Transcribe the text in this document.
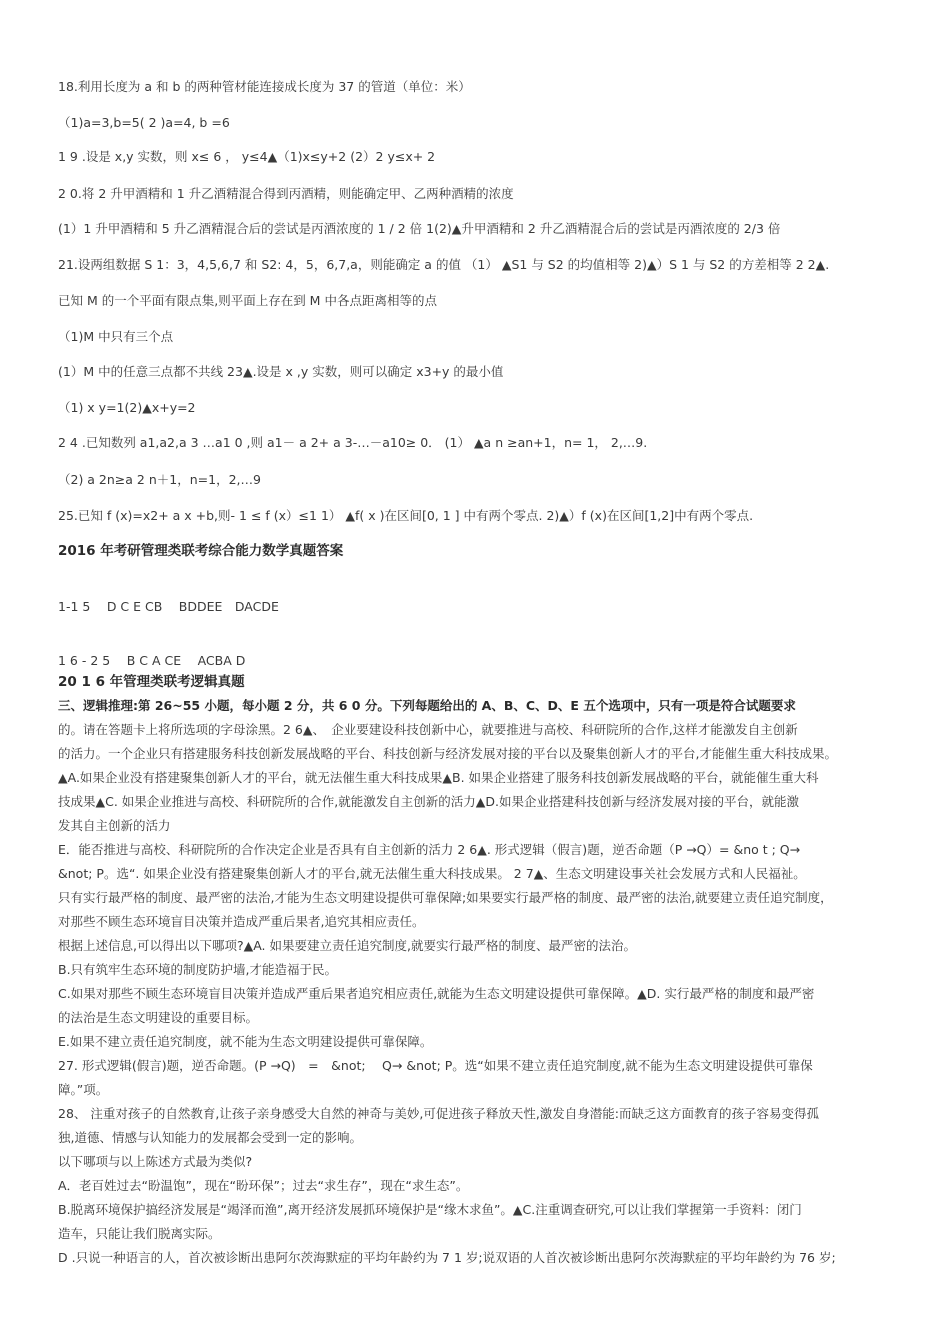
18.利用长度为 a 和 b 的两种管材能连接成长度为 37 的管道（单位：米）
（1)a=3,b=5( 2 )a=4, b =6
1 9 .设是 x,y 实数，则 x≤ 6 ， y≤4▲（1)x≤y+2 (2）2 y≤x+ 2
2 0.将 2 升甲酒精和 1 升乙酒精混合得到丙酒精，则能确定甲、乙两种酒精的浓度
(1）1 升甲酒精和 5 升乙酒精混合后的尝试是丙酒浓度的 1 / 2 倍 1(2)▲升甲酒精和 2 升乙酒精混合后的尝试是丙酒浓度的 2/3 倍
21.设两组数据 S 1：3，4,5,6,7 和 S2: 4，5，6,7,a，则能确定 a 的值 （1） ▲S1 与 S2 的均值相等 2)▲）S 1 与 S2 的方差相等 2 2▲.
已知 M 的一个平面有限点集,则平面上存在到 M 中各点距离相等的点
（1)M 中只有三个点
(1）M 中的任意三点都不共线 23▲.设是 x ,y 实数，则可以确定 x3+y 的最小值
（1) x y=1(2)▲x+y=2
2 4 .已知数列 a1,a2,a 3 …a1 0 ,则 a1－ a 2+ a 3-…－a10≥ 0． (1） ▲a n ≥an+1，n= 1， 2,…9.
（2) a 2n≥a 2 n＋1，n=1，2,…9
25.已知 f (x)=x2+ a x +b,则- 1 ≤ f (x）≤1 1） ▲f( x )在区间[0, 1 ] 中有两个零点. 2)▲）f (x)在区间[1,2]中有两个零点.
2016 年考研管理类联考综合能力数学真题答案
1-1 5　 D C E CB　 BDDEE　DACDE
1 6 - 2 5　 B C A CE　 ACBA D
20 1 6 年管理类联考逻辑真题
三、逻辑推理:第 26~55 小题，每小题 2 分，共 6 0 分。下列每题给出的 A、B、C、D、E 五个选项中，只有一项是符合试题要求
的。请在答题卡上将所选项的字母涂黑。2 6▲、　企业要建设科技创新中心，就要推进与高校、科研院所的合作,这样才能激发自主创新
的活力。一个企业只有搭建服务科技创新发展战略的平台、科技创新与经济发展对接的平台以及聚集创新人才的平台,才能催生重大科技成果。
▲A.如果企业没有搭建聚集创新人才的平台，就无法催生重大科技成果▲B. 如果企业搭建了服务科技创新发展战略的平台，就能催生重大科
技成果▲C. 如果企业推进与高校、科研院所的合作,就能激发自主创新的活力▲D.如果企业搭建科技创新与经济发展对接的平台，就能激
发其自主创新的活力
E．能否推进与高校、科研院所的合作决定企业是否具有自主创新的活力 2 6▲. 形式逻辑（假言)题，逆否命题（P →Q）= &no t ; Q→
&not; P。选“. 如果企业没有搭建聚集创新人才的平台,就无法催生重大科技成果。 2 7▲、生态文明建设事关社会发展方式和人民福祉。
只有实行最严格的制度、最严密的法治,才能为生态文明建设提供可靠保障;如果要实行最严格的制度、最严密的法治,就要建立责任追究制度，
对那些不顾生态环境盲目决策并造成严重后果者,追究其相应责任。
根据上述信息,可以得出以下哪项?▲A. 如果要建立责任追究制度,就要实行最严格的制度、最严密的法治。
B.只有筑牢生态环境的制度防护墙,才能造福于民。
C.如果对那些不顾生态环境盲目决策并造成严重后果者追究相应责任,就能为生态文明建设提供可靠保障。▲D. 实行最严格的制度和最严密
的法治是生态文明建设的重要目标。
E.如果不建立责任追究制度，就不能为生态文明建设提供可靠保障。
27. 形式逻辑(假言)题，逆否命题。(P →Q)　=　&not;　 Q→ &not; P。选“如果不建立责任追究制度,就不能为生态文明建设提供可靠保
障。”项。
28、 注重对孩子的自然教育,让孩子亲身感受大自然的神奇与美妙,可促进孩子释放天性,激发自身潜能:而缺乏这方面教育的孩子容易变得孤
独,道德、情感与认知能力的发展都会受到一定的影响。
以下哪项与以上陈述方式最为类似?
A．老百姓过去“盼温饱”，现在“盼环保”；过去“求生存”，现在“求生态”。
B.脱离环境保护搞经济发展是“竭泽而渔”,离开经济发展抓环境保护是“缘木求鱼”。▲C.注重调查研究,可以让我们掌握第一手资料：闭门
造车，只能让我们脱离实际。
D .只说一种语言的人，首次被诊断出患阿尔茨海默症的平均年龄约为 7 1 岁;说双语的人首次被诊断出患阿尔茨海默症的平均年龄约为 76 岁;
